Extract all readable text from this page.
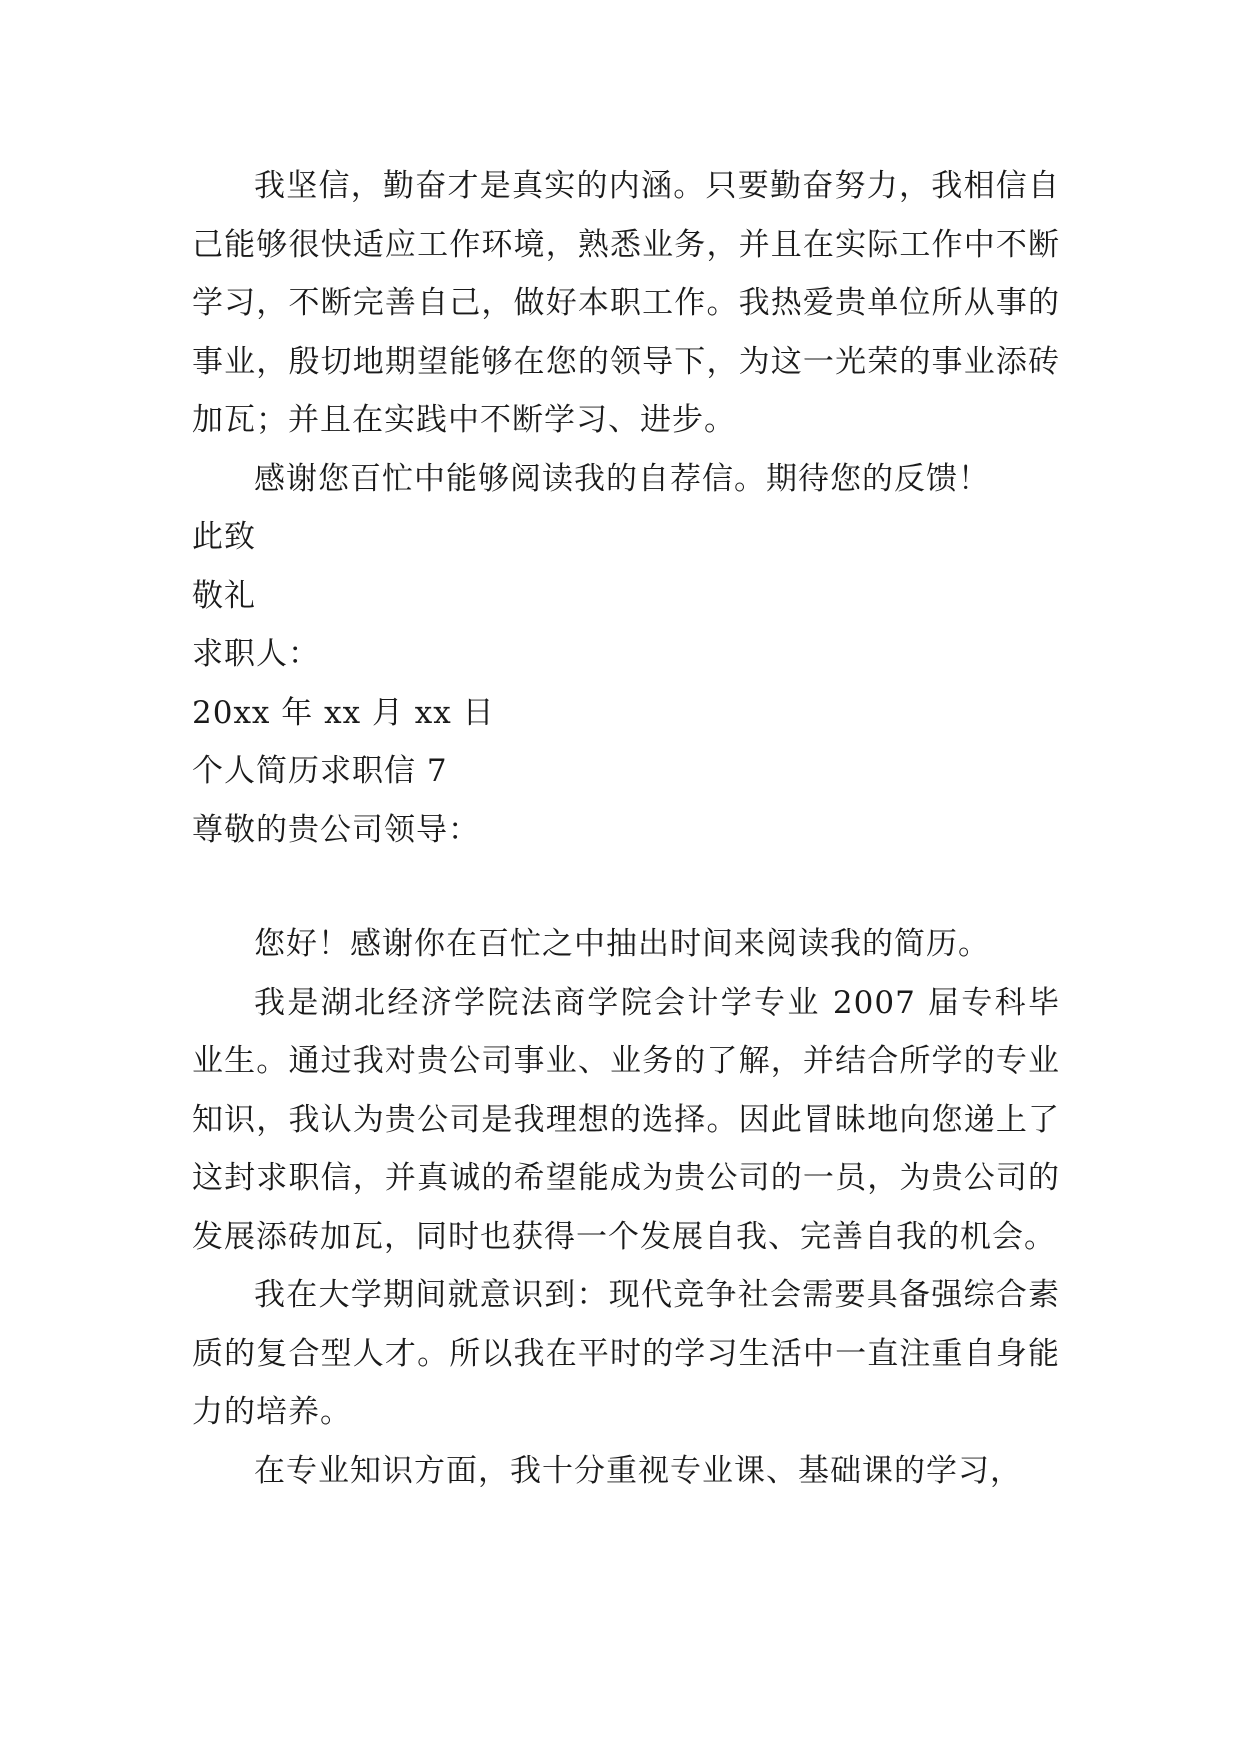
我坚信，勤奋才是真实的内涵。只要勤奋努力，我相信自己能够很快适应工作环境，熟悉业务，并且在实际工作中不断学习，不断完善自己，做好本职工作。我热爱贵单位所从事的事业，殷切地期望能够在您的领导下，为这一光荣的事业添砖加瓦；并且在实践中不断学习、进步。

感谢您百忙中能够阅读我的自荐信。期待您的反馈！

此致

敬礼

求职人：

20xx 年 xx 月 xx 日

个人简历求职信 7

尊敬的贵公司领导：

您好！感谢你在百忙之中抽出时间来阅读我的简历。

我是湖北经济学院法商学院会计学专业 2007 届专科毕业生。通过我对贵公司事业、业务的了解，并结合所学的专业知识，我认为贵公司是我理想的选择。因此冒昧地向您递上了这封求职信，并真诚的希望能成为贵公司的一员，为贵公司的发展添砖加瓦，同时也获得一个发展自我、完善自我的机会。

我在大学期间就意识到：现代竞争社会需要具备强综合素质的复合型人才。所以我在平时的学习生活中一直注重自身能力的培养。

在专业知识方面，我十分重视专业课、基础课的学习，
